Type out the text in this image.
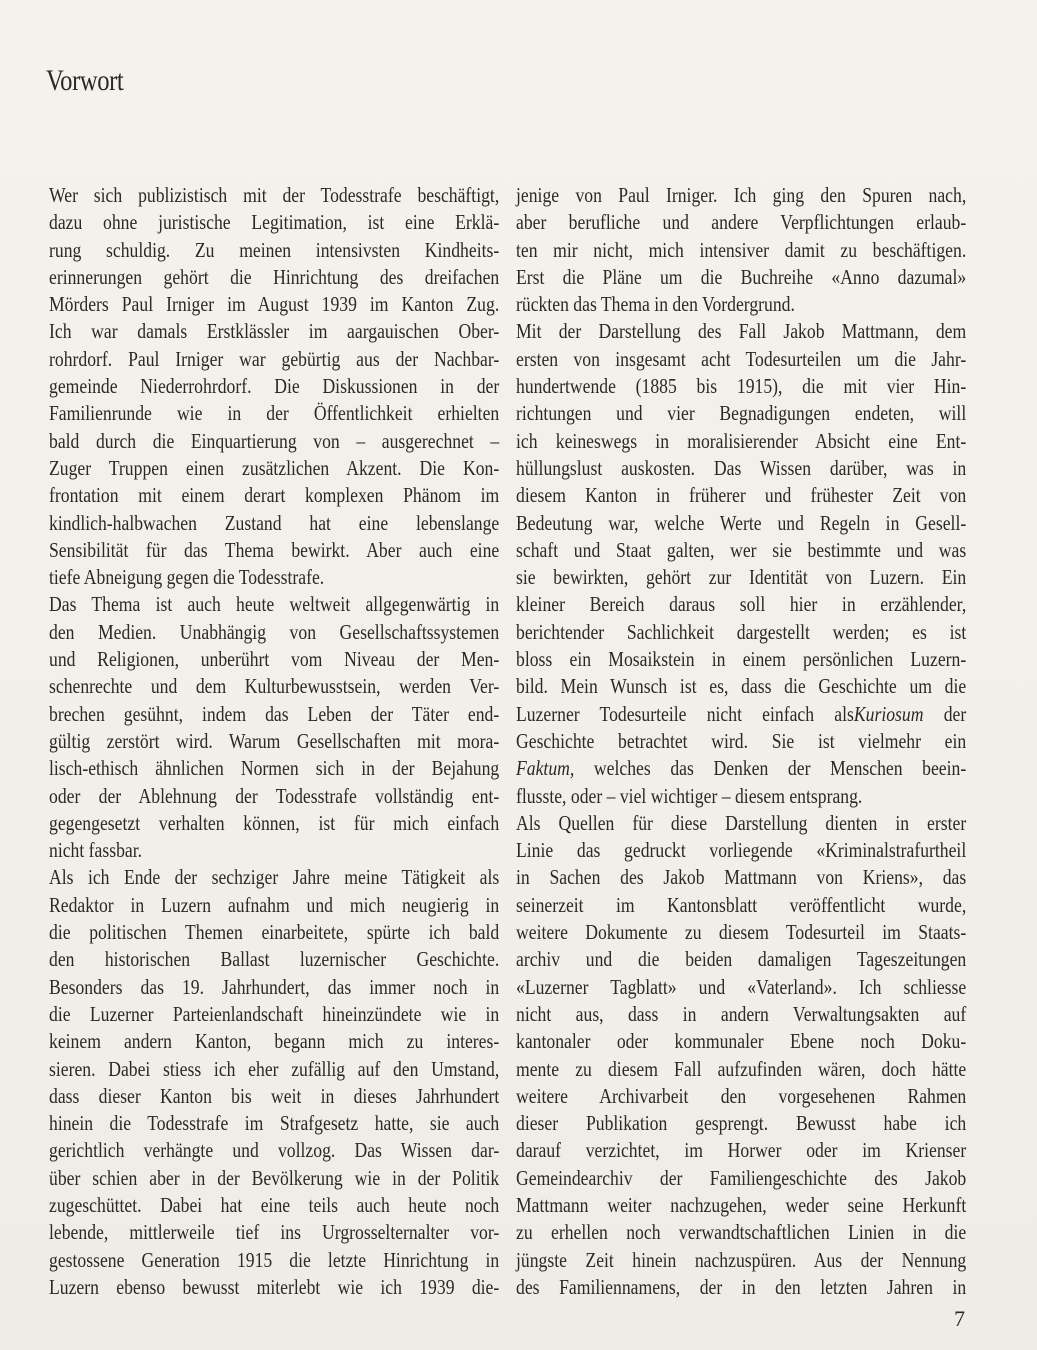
Vorwort
Wer sich publizistisch mit der Todesstrafe beschäftigt,
dazu ohne juristische Legitimation, ist eine Erklä-
rung schuldig. Zu meinen intensivsten Kindheits-
erinnerungen gehört die Hinrichtung des dreifachen
Mörders Paul Irniger im August 1939 im Kanton Zug.
Ich war damals Erstklässler im aargauischen Ober-
rohrdorf. Paul Irniger war gebürtig aus der Nachbar-
gemeinde Niederrohrdorf. Die Diskussionen in der
Familienrunde wie in der Öffentlichkeit erhielten
bald durch die Einquartierung von – ausgerechnet –
Zuger Truppen einen zusätzlichen Akzent. Die Kon-
frontation mit einem derart komplexen Phänom im
kindlich-halbwachen Zustand hat eine lebenslange
Sensibilität für das Thema bewirkt. Aber auch eine
tiefe Abneigung gegen die Todesstrafe.
Das Thema ist auch heute weltweit allgegenwärtig in
den Medien. Unabhängig von Gesellschaftssystemen
und Religionen, unberührt vom Niveau der Men-
schenrechte und dem Kulturbewusstsein, werden Ver-
brechen gesühnt, indem das Leben der Täter end-
gültig zerstört wird. Warum Gesellschaften mit mora-
lisch-ethisch ähnlichen Normen sich in der Bejahung
oder der Ablehnung der Todesstrafe vollständig ent-
gegengesetzt verhalten können, ist für mich einfach
nicht fassbar.
Als ich Ende der sechziger Jahre meine Tätigkeit als
Redaktor in Luzern aufnahm und mich neugierig in
die politischen Themen einarbeitete, spürte ich bald
den historischen Ballast luzernischer Geschichte.
Besonders das 19. Jahrhundert, das immer noch in
die Luzerner Parteienlandschaft hineinzündete wie in
keinem andern Kanton, begann mich zu interes-
sieren. Dabei stiess ich eher zufällig auf den Umstand,
dass dieser Kanton bis weit in dieses Jahrhundert
hinein die Todesstrafe im Strafgesetz hatte, sie auch
gerichtlich verhängte und vollzog. Das Wissen dar-
über schien aber in der Bevölkerung wie in der Politik
zugeschüttet. Dabei hat eine teils auch heute noch
lebende, mittlerweile tief ins Urgrosselternalter vor-
gestossene Generation 1915 die letzte Hinrichtung in
Luzern ebenso bewusst miterlebt wie ich 1939 die-
jenige von Paul Irniger. Ich ging den Spuren nach,
aber berufliche und andere Verpflichtungen erlaub-
ten mir nicht, mich intensiver damit zu beschäftigen.
Erst die Pläne um die Buchreihe «Anno dazumal»
rückten das Thema in den Vordergrund.
Mit der Darstellung des Fall Jakob Mattmann, dem
ersten von insgesamt acht Todesurteilen um die Jahr-
hundertwende (1885 bis 1915), die mit vier Hin-
richtungen und vier Begnadigungen endeten, will
ich keineswegs in moralisierender Absicht eine Ent-
hüllungslust auskosten. Das Wissen darüber, was in
diesem Kanton in früherer und frühester Zeit von
Bedeutung war, welche Werte und Regeln in Gesell-
schaft und Staat galten, wer sie bestimmte und was
sie bewirkten, gehört zur Identität von Luzern. Ein
kleiner Bereich daraus soll hier in erzählender,
berichtender Sachlichkeit dargestellt werden; es ist
bloss ein Mosaikstein in einem persönlichen Luzern-
bild. Mein Wunsch ist es, dass die Geschichte um die
Luzerner Todesurteile nicht einfach alsKuriosum der
Geschichte betrachtet wird. Sie ist vielmehr ein
Faktum, welches das Denken der Menschen beein-
flusste, oder – viel wichtiger – diesem entsprang.
Als Quellen für diese Darstellung dienten in erster
Linie das gedruckt vorliegende «Kriminalstrafurtheil
in Sachen des Jakob Mattmann von Kriens», das
seinerzeit im Kantonsblatt veröffentlicht wurde,
weitere Dokumente zu diesem Todesurteil im Staats-
archiv und die beiden damaligen Tageszeitungen
«Luzerner Tagblatt» und «Vaterland». Ich schliesse
nicht aus, dass in andern Verwaltungsakten auf
kantonaler oder kommunaler Ebene noch Doku-
mente zu diesem Fall aufzufinden wären, doch hätte
weitere Archivarbeit den vorgesehenen Rahmen
dieser Publikation gesprengt. Bewusst habe ich
darauf verzichtet, im Horwer oder im Krienser
Gemeindearchiv der Familiengeschichte des Jakob
Mattmann weiter nachzugehen, weder seine Herkunft
zu erhellen noch verwandtschaftlichen Linien in die
jüngste Zeit hinein nachzuspüren. Aus der Nennung
des Familiennamens, der in den letzten Jahren in
7
